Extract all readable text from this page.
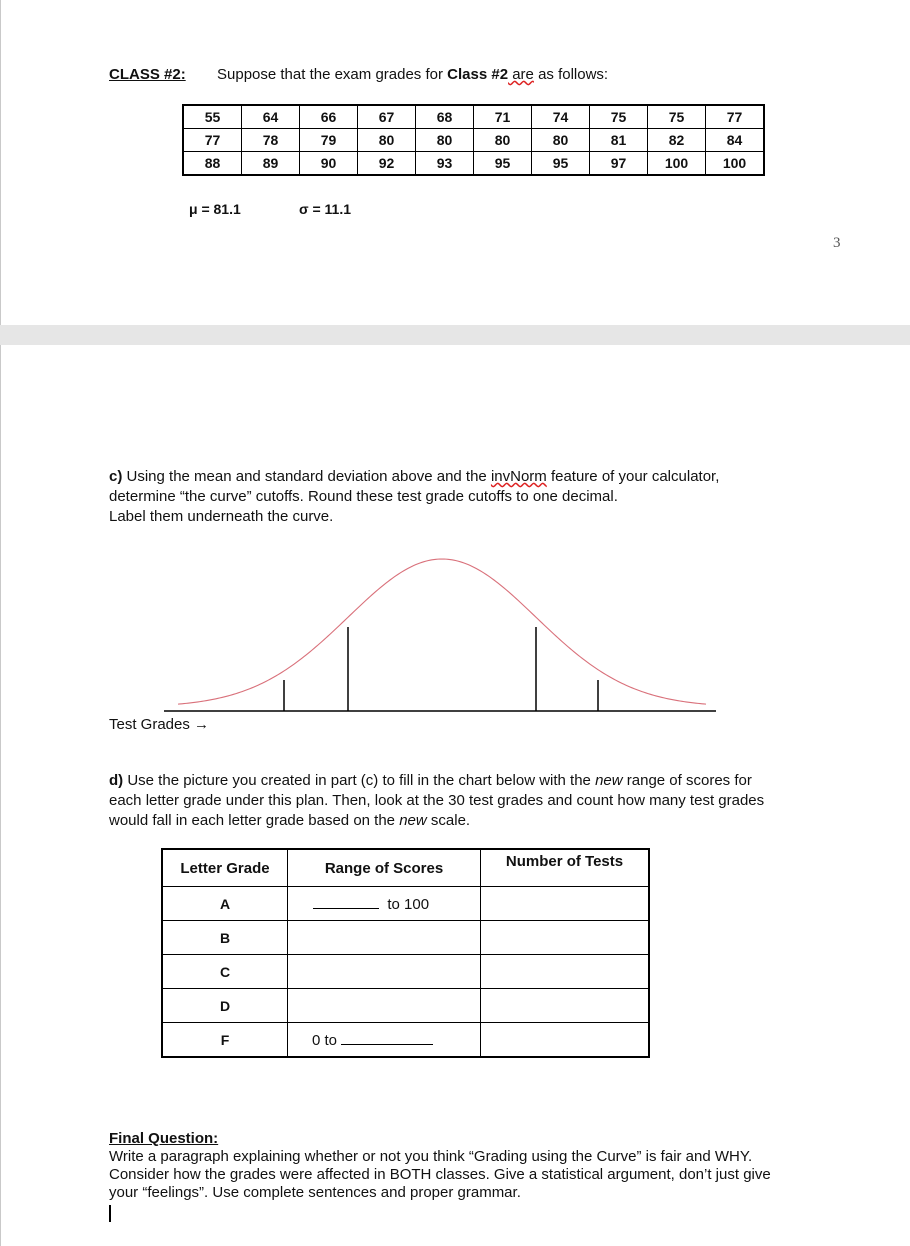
CLASS #2: Suppose that the exam grades for Class #2 are as follows:
55	64	66	67	68	71	74	75	75	77
77	78	79	80	80	80	80	81	82	84
88	89	90	92	93	95	95	97	100	100
μ = 81.1	σ = 11.1
3
c) Using the mean and standard deviation above and the invNorm feature of your calculator,
determine “the curve” cutoffs. Round these test grade cutoffs to one decimal.
Label them underneath the curve.
Test Grades →
d) Use the picture you created in part (c) to fill in the chart below with the new range of scores for
each letter grade under this plan. Then, look at the 30 test grades and count how many test grades
would fall in each letter grade based on the new scale.
Letter Grade	Range of Scores	Number of Tests
A	to 100	
B		
C		
D		
F	0 to	
Final Question:
Write a paragraph explaining whether or not you think “Grading using the Curve” is fair and WHY.
Consider how the grades were affected in BOTH classes. Give a statistical argument, don’t just give
your “feelings”. Use complete sentences and proper grammar.
